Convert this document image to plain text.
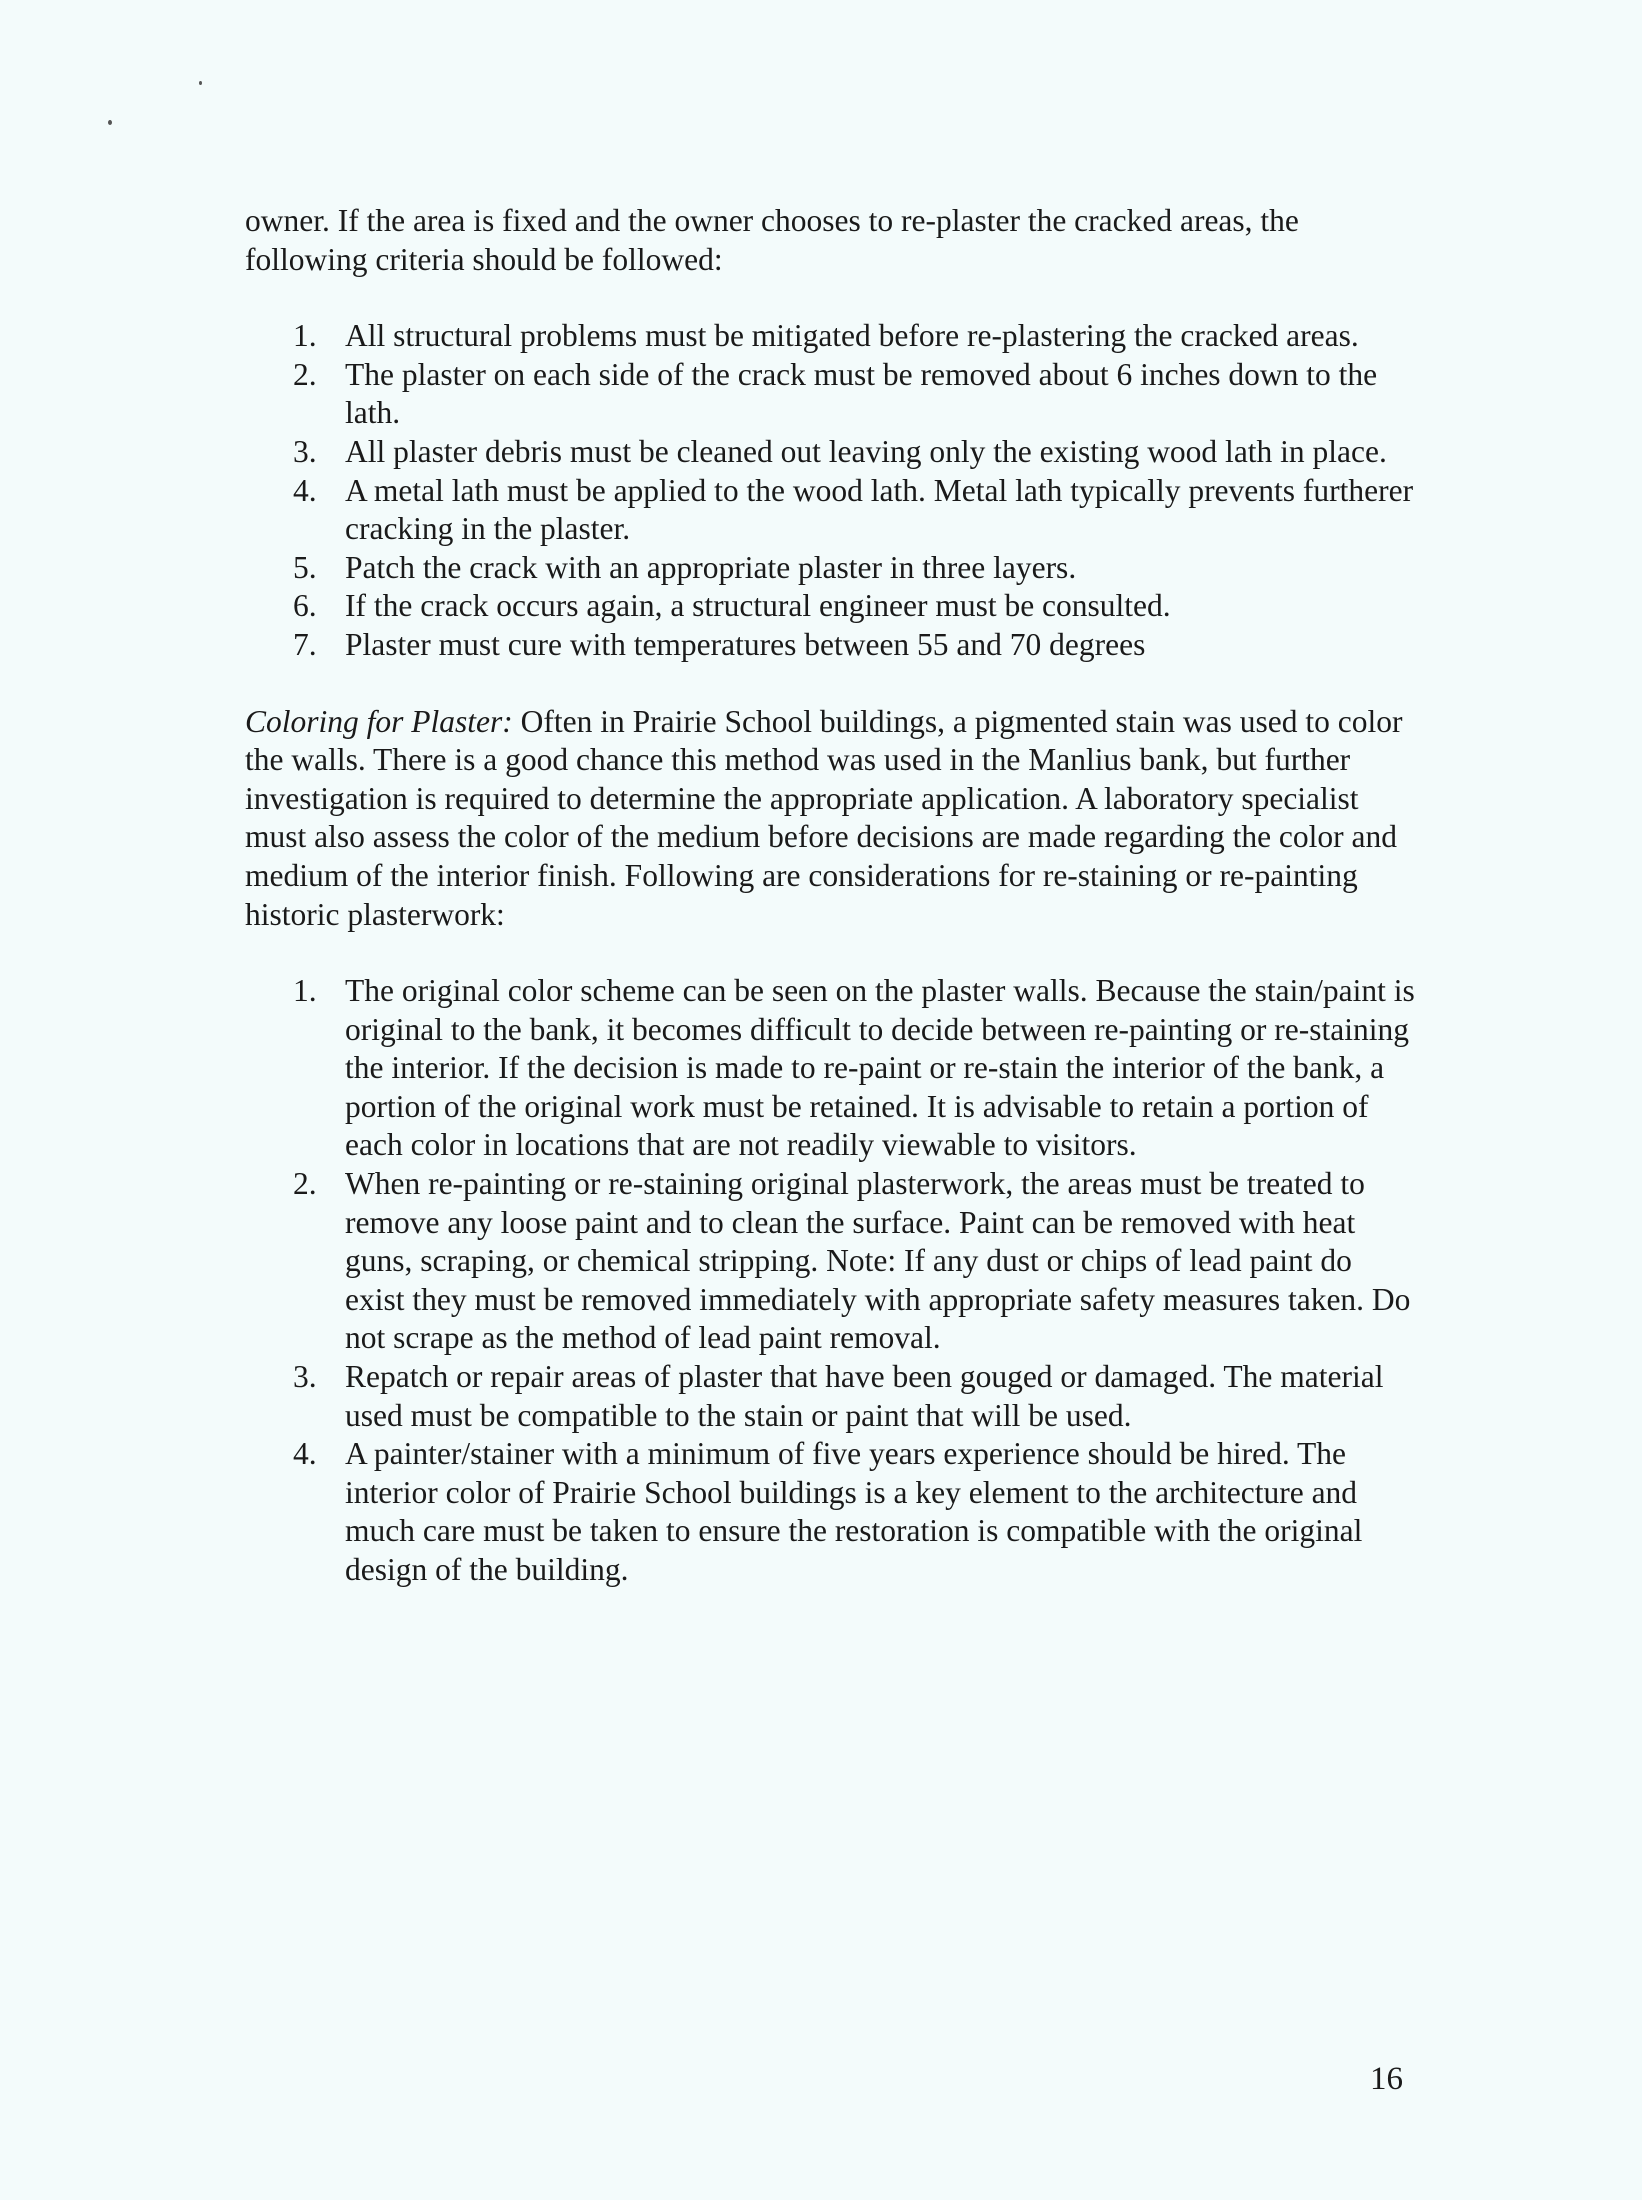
owner. If the area is fixed and the owner chooses to re-plaster the cracked areas, the following criteria should be followed:

1. All structural problems must be mitigated before re-plastering the cracked areas.
2. The plaster on each side of the crack must be removed about 6 inches down to the lath.
3. All plaster debris must be cleaned out leaving only the existing wood lath in place.
4. A metal lath must be applied to the wood lath. Metal lath typically prevents furtherer cracking in the plaster.
5. Patch the crack with an appropriate plaster in three layers.
6. If the crack occurs again, a structural engineer must be consulted.
7. Plaster must cure with temperatures between 55 and 70 degrees

Coloring for Plaster: Often in Prairie School buildings, a pigmented stain was used to color the walls. There is a good chance this method was used in the Manlius bank, but further investigation is required to determine the appropriate application. A laboratory specialist must also assess the color of the medium before decisions are made regarding the color and medium of the interior finish. Following are considerations for re-staining or re-painting historic plasterwork:

1. The original color scheme can be seen on the plaster walls. Because the stain/paint is original to the bank, it becomes difficult to decide between re-painting or re-staining the interior. If the decision is made to re-paint or re-stain the interior of the bank, a portion of the original work must be retained. It is advisable to retain a portion of each color in locations that are not readily viewable to visitors.
2. When re-painting or re-staining original plasterwork, the areas must be treated to remove any loose paint and to clean the surface. Paint can be removed with heat guns, scraping, or chemical stripping. Note: If any dust or chips of lead paint do exist they must be removed immediately with appropriate safety measures taken. Do not scrape as the method of lead paint removal.
3. Repatch or repair areas of plaster that have been gouged or damaged. The material used must be compatible to the stain or paint that will be used.
4. A painter/stainer with a minimum of five years experience should be hired. The interior color of Prairie School buildings is a key element to the architecture and much care must be taken to ensure the restoration is compatible with the original design of the building.
16
